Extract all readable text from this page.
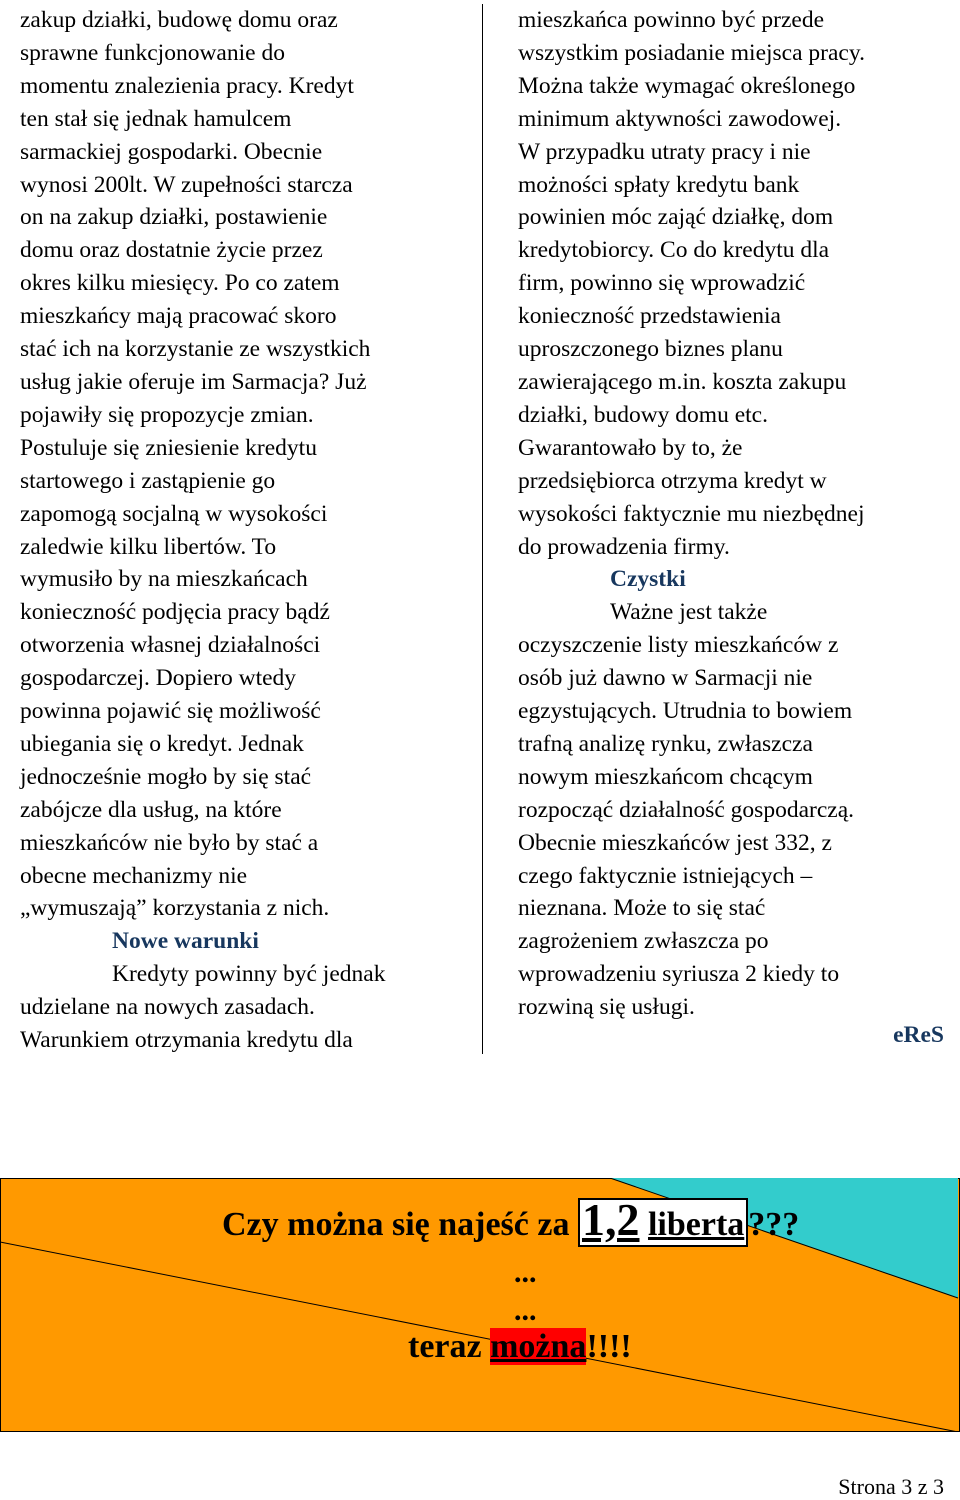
zakup działki, budowę domu oraz

sprawne funkcjonowanie do

momentu znalezienia pracy. Kredyt

ten stał się jednak hamulcem

sarmackiej gospodarki. Obecnie

wynosi 200lt. W zupełności starcza

on na zakup działki, postawienie

domu oraz dostatnie życie przez

okres kilku miesięcy. Po co zatem

mieszkańcy mają pracować skoro

stać ich na korzystanie ze wszystkich

usług jakie oferuje im Sarmacja? Już

pojawiły się propozycje zmian.

Postuluje się zniesienie kredytu

startowego i zastąpienie go

zapomogą socjalną w wysokości

zaledwie kilku libertów. To

wymusiło by na mieszkańcach

konieczność podjęcia pracy bądź

otworzenia własnej działalności

gospodarczej. Dopiero wtedy

powinna pojawić się możliwość

ubiegania się o kredyt. Jednak

jednocześnie mogło by się stać

zabójcze dla usług, na które

mieszkańców nie było by stać a

obecne mechanizmy nie

„wymuszają” korzystania z nich.

Nowe warunki

Kredyty powinny być jednak

udzielane na nowych zasadach.

Warunkiem otrzymania kredytu dla

mieszkańca powinno być przede

wszystkim posiadanie miejsca pracy.

Można także wymagać określonego

minimum aktywności zawodowej.

W przypadku utraty pracy i nie

możności spłaty kredytu bank

powinien móc zająć działkę, dom

kredytobiorcy. Co do kredytu dla

firm, powinno się wprowadzić

konieczność przedstawienia

uproszczonego biznes planu

zawierającego m.in. koszta zakupu

działki, budowy domu etc.

Gwarantowało by to, że

przedsiębiorca otrzyma kredyt w

wysokości faktycznie mu niezbędnej

do prowadzenia firmy.

Czystki

Ważne jest także

oczyszczenie listy mieszkańców z

osób już dawno w Sarmacji nie

egzystujących. Utrudnia to bowiem

trafną analizę rynku, zwłaszcza

nowym mieszkańcom chcącym

rozpocząć działalność gospodarczą.

Obecnie mieszkańców jest 332, z

czego faktycznie istniejących –

nieznana. Może to się stać

zagrożeniem zwłaszcza po

wprowadzeniu syriusza 2 kiedy to

rozwiną się usługi.

eReS
Czy można się najeść za 1,2 liberta ???
...
...
teraz można!!!!
Strona 3 z 3
